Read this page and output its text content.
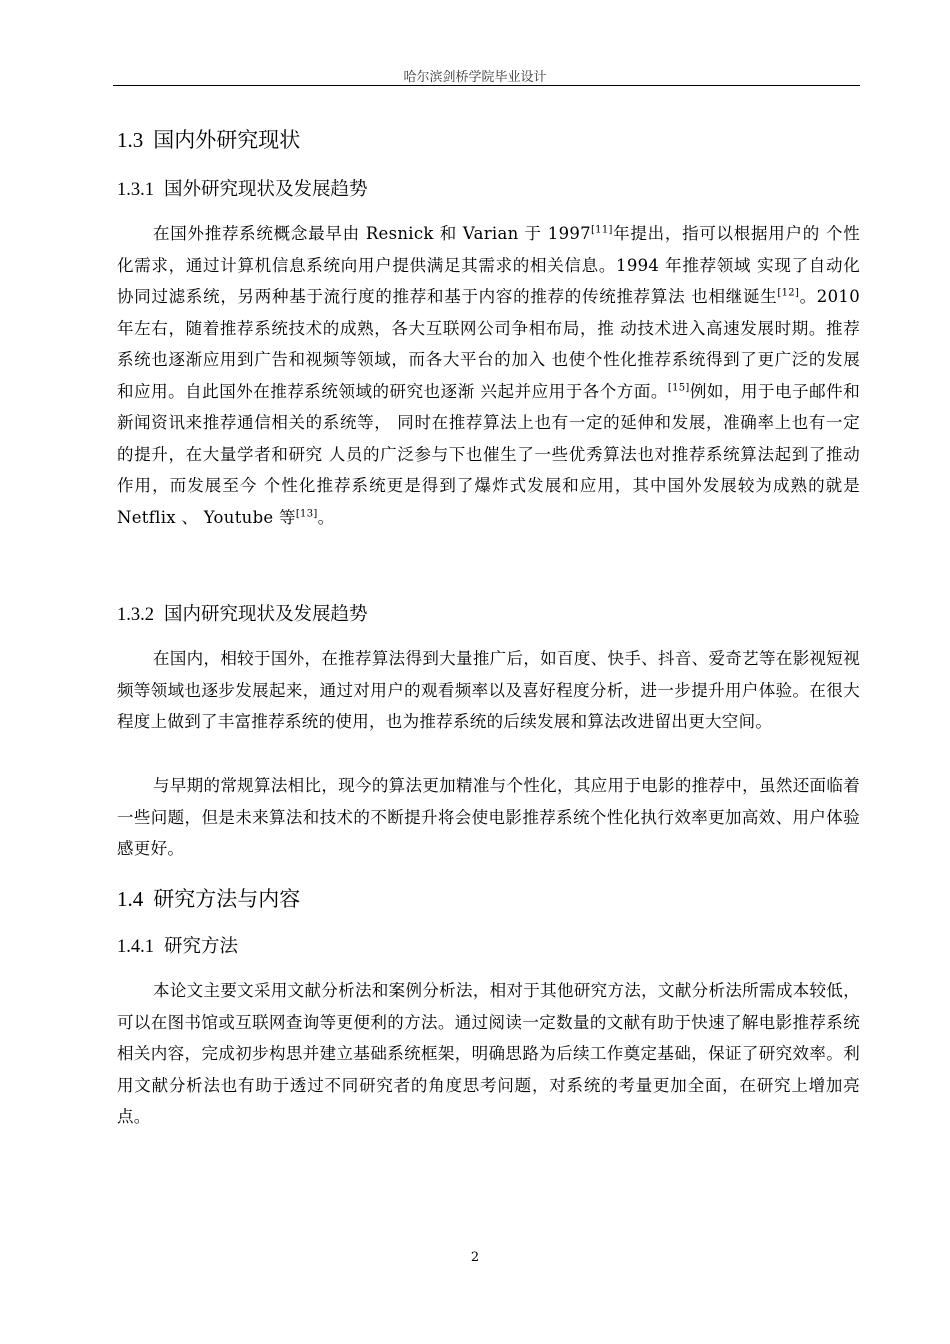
哈尔滨剑桥学院毕业设计
1.3 国内外研究现状
1.3.1 国外研究现状及发展趋势

在国外推荐系统概念最早由 Resnick 和 Varian 于 1997[11]年提出，指可以根据用户的 个性化需求，通过计算机信息系统向用户提供满足其需求的相关信息。1994 年推荐领域 实现了自动化协同过滤系统，另两种基于流行度的推荐和基于内容的推荐的传统推荐算法 也相继诞生[12]。2010 年左右，随着推荐系统技术的成熟，各大互联网公司争相布局，推 动技术进入高速发展时期。推荐系统也逐渐应用到广告和视频等领域，而各大平台的加入 也使个性化推荐系统得到了更广泛的发展和应用。自此国外在推荐系统领域的研究也逐渐 兴起并应用于各个方面。[15]例如，用于电子邮件和新闻资讯来推荐通信相关的系统等， 同时在推荐算法上也有一定的延伸和发展，准确率上也有一定的提升，在大量学者和研究 人员的广泛参与下也催生了一些优秀算法也对推荐系统算法起到了推动作用，而发展至今 个性化推荐系统更是得到了爆炸式发展和应用，其中国外发展较为成熟的就是 Netflix 、 Youtube 等[13]。

1.3.2 国内研究现状及发展趋势

在国内，相较于国外，在推荐算法得到大量推广后，如百度、快手、抖音、爱奇艺等在影视短视频等领域也逐步发展起来，通过对用户的观看频率以及喜好程度分析，进一步提升用户体验。在很大程度上做到了丰富推荐系统的使用，也为推荐系统的后续发展和算法改进留出更大空间。

与早期的常规算法相比，现今的算法更加精准与个性化，其应用于电影的推荐中，虽然还面临着一些问题，但是未来算法和技术的不断提升将会使电影推荐系统个性化执行效率更加高效、用户体验感更好。

1.4 研究方法与内容
1.4.1 研究方法

本论文主要文采用文献分析法和案例分析法，相对于其他研究方法，文献分析法所需成本较低，可以在图书馆或互联网查询等更便利的方法。通过阅读一定数量的文献有助于快速了解电影推荐系统相关内容，完成初步构思并建立基础系统框架，明确思路为后续工作奠定基础，保证了研究效率。利用文献分析法也有助于透过不同研究者的角度思考问题，对系统的考量更加全面，在研究上增加亮点。

2
